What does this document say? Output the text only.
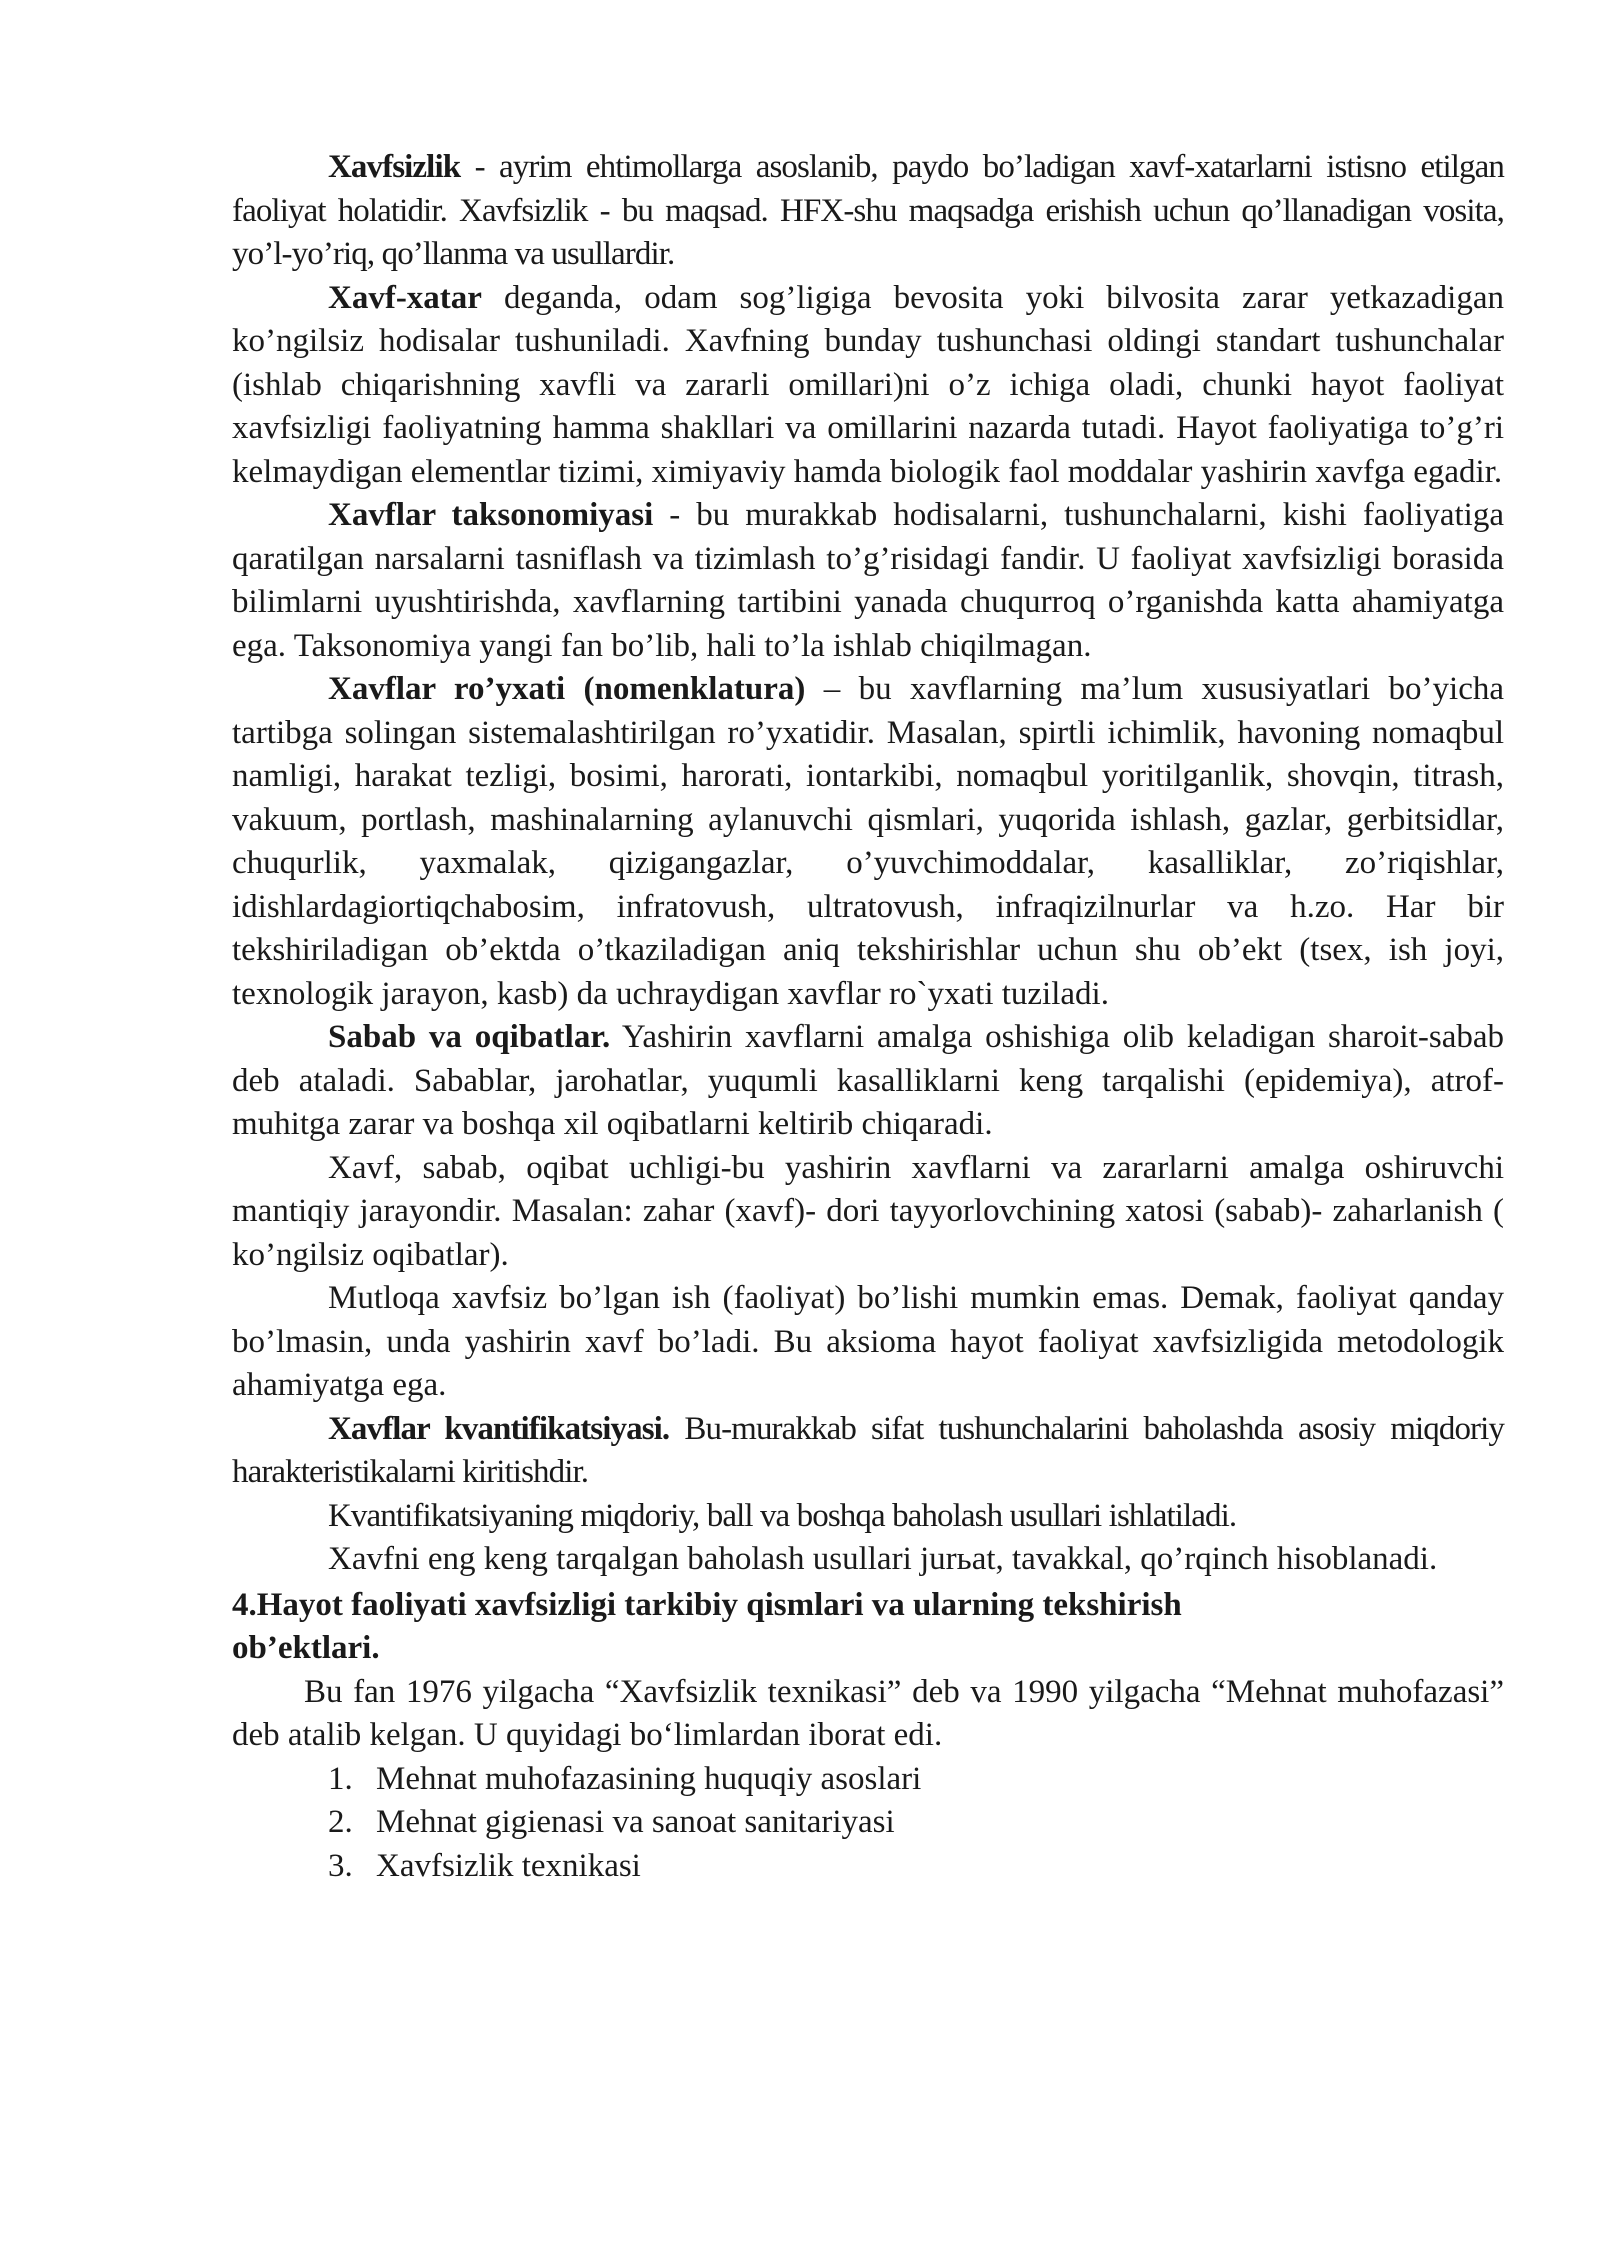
Xavfsizlik - ayrim ehtimollarga asoslanib, paydo bo’ladigan xavf-xatarlarni istisno etilgan faoliyat holatidir. Xavfsizlik - bu maqsad. HFX-shu maqsadga erishish uchun qo’llanadigan vosita, yo’l-yo’riq, qo’llanma va usullardir.

Xavf-xatar deganda, odam sog’ligiga bevosita yoki bilvosita zarar yetkazadigan ko’ngilsiz hodisalar tushuniladi. Xavfning bunday tushunchasi oldingi standart tushunchalar (ishlab chiqarishning xavfli va zararli omillari)ni o’z ichiga oladi, chunki hayot faoliyat xavfsizligi faoliyatning hamma shakllari va omillarini nazarda tutadi. Hayot faoliyatiga to’g’ri kelmaydigan elementlar tizimi, ximiyaviy hamda biologik faol moddalar yashirin xavfga egadir.

Xavflar taksonomiyasi - bu murakkab hodisalarni, tushunchalarni, kishi faoliyatiga qaratilgan narsalarni tasniflash va tizimlash to’g’risidagi fandir. U faoliyat xavfsizligi borasida bilimlarni uyushtirishda, xavflarning tartibini yanada chuqurroq o’rganishda katta ahamiyatga ega. Taksonomiya yangi fan bo’lib, hali to’la ishlab chiqilmagan.

Xavflar ro’yxati (nomenklatura) – bu xavflarning ma’lum xususiyatlari bo’yicha tartibga solingan sistemalashtirilgan ro’yxatidir. Masalan, spirtli ichimlik, havoning nomaqbul namligi, harakat tezligi, bosimi, harorati, iontarkibi, nomaqbul yoritilganlik, shovqin, titrash, vakuum, portlash, mashinalarning aylanuvchi qismlari, yuqorida ishlash, gazlar, gerbitsidlar, chuqurlik, yaxmalak, qizigangazlar, o’yuvchimoddalar, kasalliklar, zo’riqishlar, idishlardagiortiqchabosim, infratovush, ultratovush, infraqizilnurlar va h.zo. Har bir tekshiriladigan ob’ektda o’tkaziladigan aniq tekshirishlar uchun shu ob’ekt (tsex, ish joyi, texnologik jarayon, kasb) da uchraydigan xavflar ro`yxati tuziladi.

Sabab va oqibatlar. Yashirin xavflarni amalga oshishiga olib keladigan sharoit-sabab deb ataladi. Sabablar, jarohatlar, yuqumli kasalliklarni keng tarqalishi (epidemiya), atrof-muhitga zarar va boshqa xil oqibatlarni keltirib chiqaradi.

Xavf, sabab, oqibat uchligi-bu yashirin xavflarni va zararlarni amalga oshiruvchi mantiqiy jarayondir. Masalan: zahar (xavf)- dori tayyorlovchining xatosi (sabab)- zaharlanish ( ko’ngilsiz oqibatlar).

Mutloqa xavfsiz bo’lgan ish (faoliyat) bo’lishi mumkin emas. Demak, faoliyat qanday bo’lmasin, unda yashirin xavf bo’ladi. Bu aksioma hayot faoliyat xavfsizligida metodologik ahamiyatga ega.

Xavflar kvantifikatsiyasi. Bu-murakkab sifat tushunchalarini baholashda asosiy miqdoriy harakteristikalarni kiritishdir.

Kvantifikatsiyaning miqdoriy, ball va boshqa baholash usullari ishlatiladi.

Xavfni eng keng tarqalgan baholash usullari jurьat, tavakkal, qo’rqinch hisoblanadi.

4.Hayot faoliyati xavfsizligi tarkibiy qismlari va ularning tekshirish ob’ektlari.

Bu fan 1976 yilgacha “Xavfsizlik texnikasi” deb va 1990 yilgacha “Mehnat muhofazasi” deb atalib kelgan. U quyidagi bo‘limlardan iborat edi.

1. Mehnat muhofazasining huquqiy asoslari
2. Mehnat gigienasi va sanoat sanitariyasi
3. Xavfsizlik texnikasi
